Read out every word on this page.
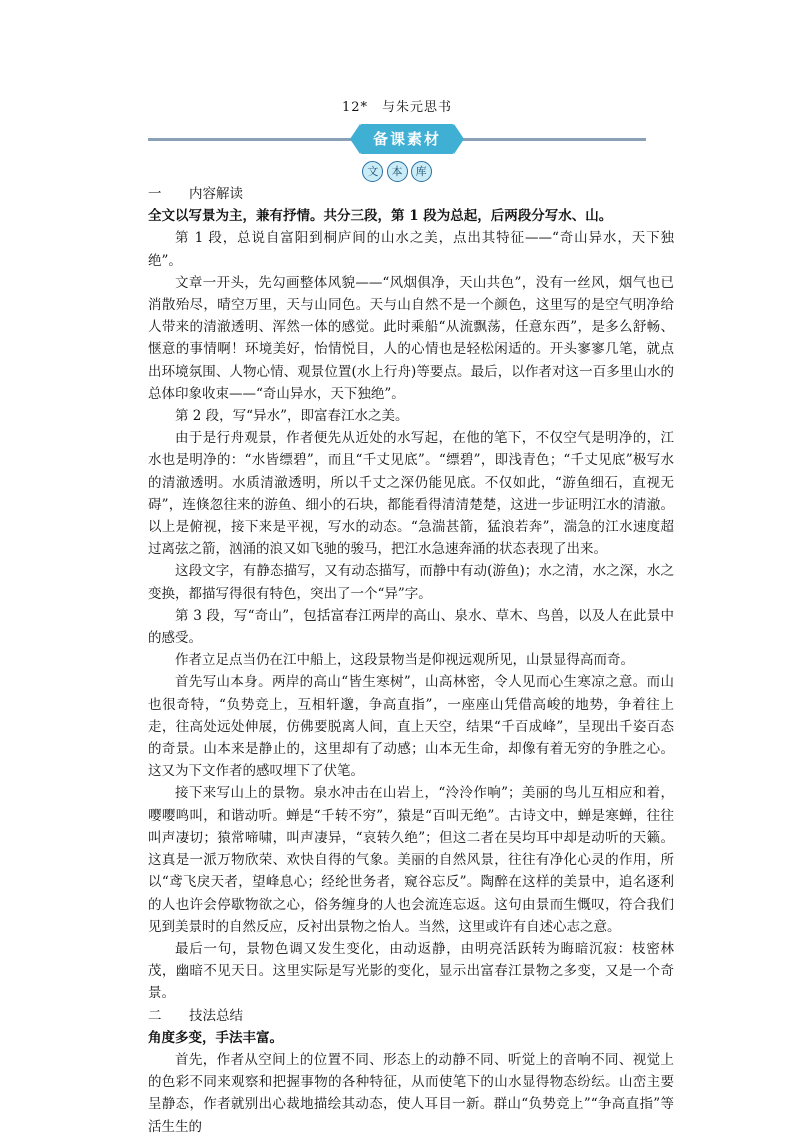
12*　与朱元思书
备课素材
文 本 库

一 内容解读

全文以写景为主，兼有抒情。共分三段，第 1 段为总起，后两段分写水、山。

第 1 段，总说自富阳到桐庐间的山水之美，点出其特征——“奇山异水，天下独绝”。

文章一开头，先勾画整体风貌——“风烟俱净，天山共色”，没有一丝风，烟气也已消散殆尽，晴空万里，天与山同色。天与山自然不是一个颜色，这里写的是空气明净给人带来的清澈透明、浑然一体的感觉。此时乘船“从流飘荡，任意东西”，是多么舒畅、惬意的事情啊！环境美好，怡情悦目，人的心情也是轻松闲适的。开头寥寥几笔，就点出环境氛围、人物心情、观景位置(水上行舟)等要点。最后，以作者对这一百多里山水的总体印象收束——“奇山异水，天下独绝”。

第 2 段，写“异水”，即富春江水之美。

由于是行舟观景，作者便先从近处的水写起，在他的笔下，不仅空气是明净的，江水也是明净的：“水皆缥碧”，而且“千丈见底”。“缥碧”，即浅青色；“千丈见底”极写水的清澈透明。水质清澈透明，所以千丈之深仍能见底。不仅如此，“游鱼细石，直视无碍”，连倏忽往来的游鱼、细小的石块，都能看得清清楚楚，这进一步证明江水的清澈。以上是俯视，接下来是平视，写水的动态。“急湍甚箭，猛浪若奔”，湍急的江水速度超过离弦之箭，汹涌的浪又如飞驰的骏马，把江水急速奔涌的状态表现了出来。

这段文字，有静态描写，又有动态描写，而静中有动(游鱼)；水之清，水之深，水之变换，都描写得很有特色，突出了一个“异”字。

第 3 段，写“奇山”，包括富春江两岸的高山、泉水、草木、鸟兽，以及人在此景中的感受。

作者立足点当仍在江中船上，这段景物当是仰视远观所见，山景显得高而奇。

首先写山本身。两岸的高山“皆生寒树”，山高林密，令人见而心生寒凉之意。而山也很奇特，“负势竞上，互相轩邈，争高直指”，一座座山凭借高峻的地势，争着往上走，往高处远处伸展，仿佛要脱离人间，直上天空，结果“千百成峰”，呈现出千姿百态的奇景。山本来是静止的，这里却有了动感；山本无生命，却像有着无穷的争胜之心。这又为下文作者的感叹埋下了伏笔。

接下来写山上的景物。泉水冲击在山岩上，“泠泠作响”；美丽的鸟儿互相应和着，嘤嘤鸣叫，和谐动听。蝉是“千转不穷”，猿是“百叫无绝”。古诗文中，蝉是寒蝉，往往叫声凄切；猿常啼啸，叫声凄异，“哀转久绝”；但这二者在吴均耳中却是动听的天籁。这真是一派万物欣荣、欢快自得的气象。美丽的自然风景，往往有净化心灵的作用，所以“鸢飞戾天者，望峰息心；经纶世务者，窥谷忘反”。陶醉在这样的美景中，追名逐利的人也许会停歇物欲之心，俗务缠身的人也会流连忘返。这句由景而生慨叹，符合我们见到美景时的自然反应，反衬出景物之怡人。当然，这里或许有自述心志之意。

最后一句，景物色调又发生变化，由动返静，由明亮活跃转为晦暗沉寂：枝密林茂，幽暗不见天日。这里实际是写光影的变化，显示出富春江景物之多变，又是一个奇景。

二 技法总结

角度多变，手法丰富。

首先，作者从空间上的位置不同、形态上的动静不同、听觉上的音响不同、视觉上的色彩不同来观察和把握事物的各种特征，从而使笔下的山水显得物态纷纭。山峦主要呈静态，作者就别出心裁地描绘其动态，使人耳目一新。群山“负势竞上”“争高直指”等活生生的
